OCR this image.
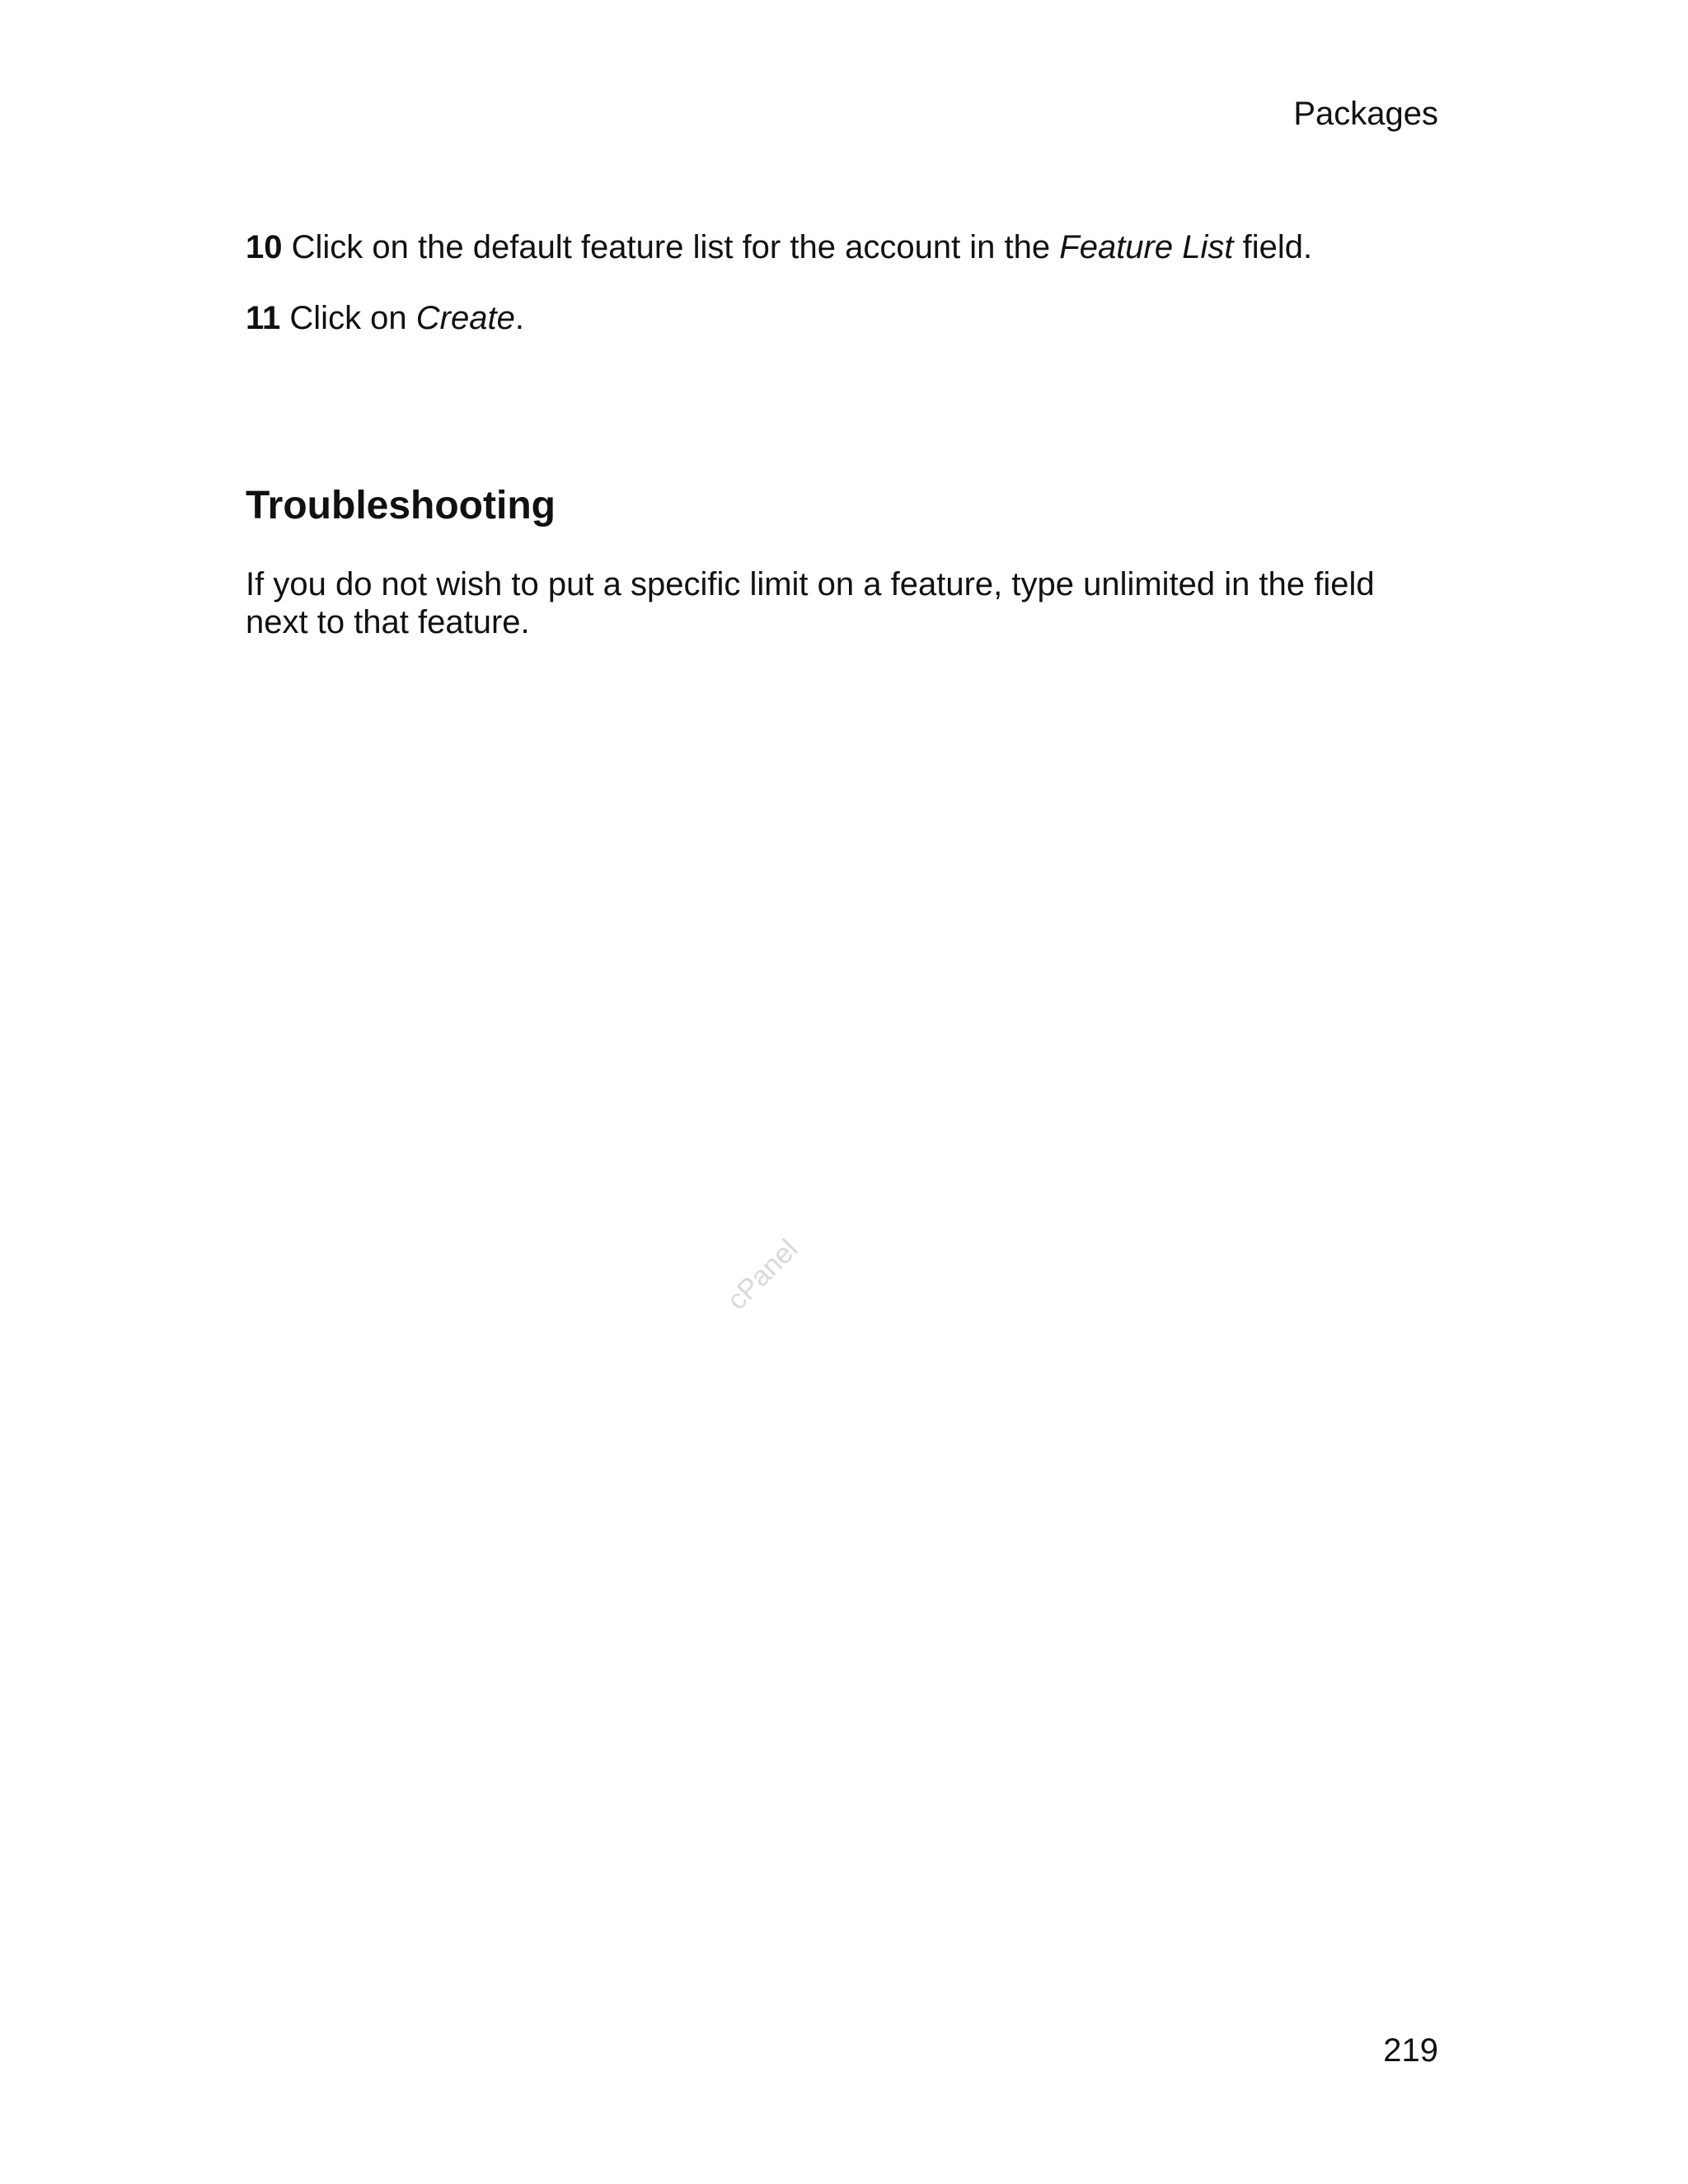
Packages
10 Click on the default feature list for the account in the Feature List field.
11 Click on Create.
Troubleshooting

If you do not wish to put a specific limit on a feature, type unlimited in the field next to that feature.

cPanel
219
